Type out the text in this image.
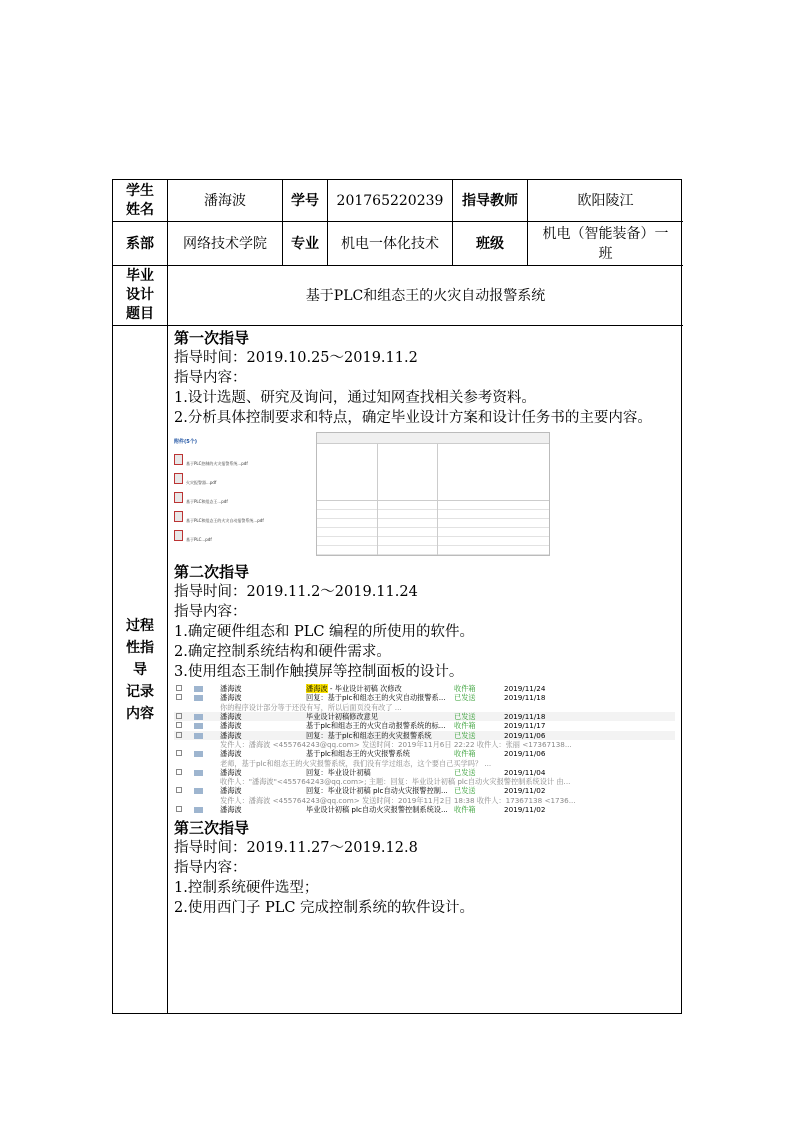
学生
姓名
潘海波	学号	201765220239	指导教师	欧阳陵江
系部	网络技术学院	专业	机电一体化技术	班级
机电（智能装备）一班
毕业
设计
题目
基于PLC和组态王的火灾自动报警系统
过程
性指
导
记录
内容
第一次指导
指导时间：2019.10.25～2019.11.2
指导内容：
1.设计选题、研究及询问，通过知网查找相关参考资料。
2.分析具体控制要求和特点，确定毕业设计方案和设计任务书的主要内容。
附件(5个)
基于PLC控制的火灾报警系统...pdf
火灾报警器...pdf
基于PLC和组态王...pdf
基于PLC和组态王的火灾自动报警系统...pdf
基于PLC...pdf
第二次指导
指导时间：2019.11.2～2019.11.24
指导内容：
1.确定硬件组态和 PLC 编程的所使用的软件。
2.确定控制系统结构和硬件需求。
3.使用组态王制作触摸屏等控制面板的设计。
潘海波	潘海波 - 毕业设计初稿 次修改	收件箱	2019/11/24
潘海波	回复：基于plc和组态王的火灾自动报警系... 已发送	2019/11/18
你的程序设计部分等于还没有写，所以后面页没有改了 ...
潘海波	毕业设计初稿修改意见	已发送	2019/11/18
潘海波	基于plc和组态王的火灾自动报警系统的标... 收件箱	2019/11/17
潘海波	回复：基于plc和组态王的火灾报警系统	已发送	2019/11/06
发件人：潘海波 <455764243@qq.com> 发送时间：2019年11月6日 22:22 收件人：张丽 <17367138...
潘海波	基于plc和组态王的火灾报警系统	收件箱	2019/11/06
老师，基于plc和组态王的火灾报警系统，我们没有学过组态，这个要自己买学吗？ ...
潘海波	回复：毕业设计初稿	已发送	2019/11/04
收件人："潘海波"<455764243@qq.com>; 主题：回复：毕业设计初稿 plc自动火灾报警控制系统设计 由...
潘海波	回复：毕业设计初稿 plc自动火灾报警控制... 已发送	2019/11/02
发件人：潘海波 <455764243@qq.com> 发送时间：2019年11月2日 18:38 收件人：17367138 <1736...
潘海波	毕业设计初稿 plc自动火灾报警控制系统设... 收件箱	2019/11/02
第三次指导
指导时间：2019.11.27～2019.12.8
指导内容：
1.控制系统硬件选型；
2.使用西门子 PLC 完成控制系统的软件设计。
